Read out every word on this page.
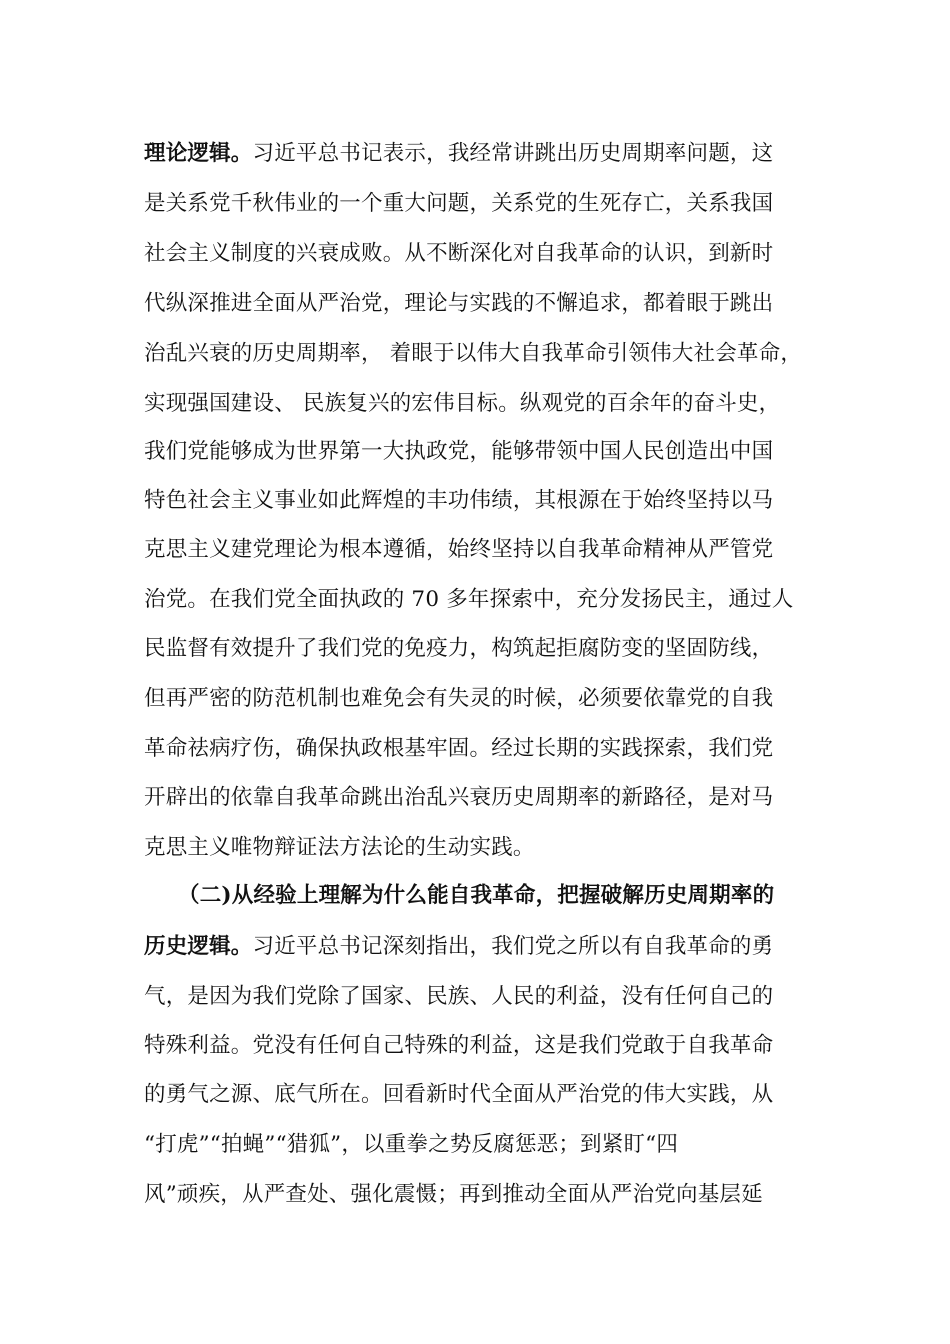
理论逻辑。习近平总书记表示，我经常讲跳出历史周期率问题，这
是关系党千秋伟业的一个重大问题，关系党的生死存亡，关系我国
社会主义制度的兴衰成败。从不断深化对自我革命的认识，到新时
代纵深推进全面从严治党，理论与实践的不懈追求，都着眼于跳出
治乱兴衰的历史周期率， 着眼于以伟大自我革命引领伟大社会革命，
实现强国建设、 民族复兴的宏伟目标。纵观党的百余年的奋斗史，
我们党能够成为世界第一大执政党，能够带领中国人民创造出中国
特色社会主义事业如此辉煌的丰功伟绩，其根源在于始终坚持以马
克思主义建党理论为根本遵循，始终坚持以自我革命精神从严管党
治党。在我们党全面执政的 70 多年探索中，充分发扬民主，通过人
民监督有效提升了我们党的免疫力，构筑起拒腐防变的坚固防线，
但再严密的防范机制也难免会有失灵的时候，必须要依靠党的自我
革命祛病疗伤，确保执政根基牢固。经过长期的实践探索，我们党
开辟出的依靠自我革命跳出治乱兴衰历史周期率的新路径，是对马
克思主义唯物辩证法方法论的生动实践。
（二)从经验上理解为什么能自我革命，把握破解历史周期率的
历史逻辑。习近平总书记深刻指出，我们党之所以有自我革命的勇
气，是因为我们党除了国家、民族、人民的利益，没有任何自己的
特殊利益。党没有任何自己特殊的利益，这是我们党敢于自我革命
的勇气之源、底气所在。回看新时代全面从严治党的伟大实践，从
“打虎”“拍蝇”“猎狐”，以重拳之势反腐惩恶；到紧盯“四
风”顽疾，从严查处、强化震慑；再到推动全面从严治党向基层延
